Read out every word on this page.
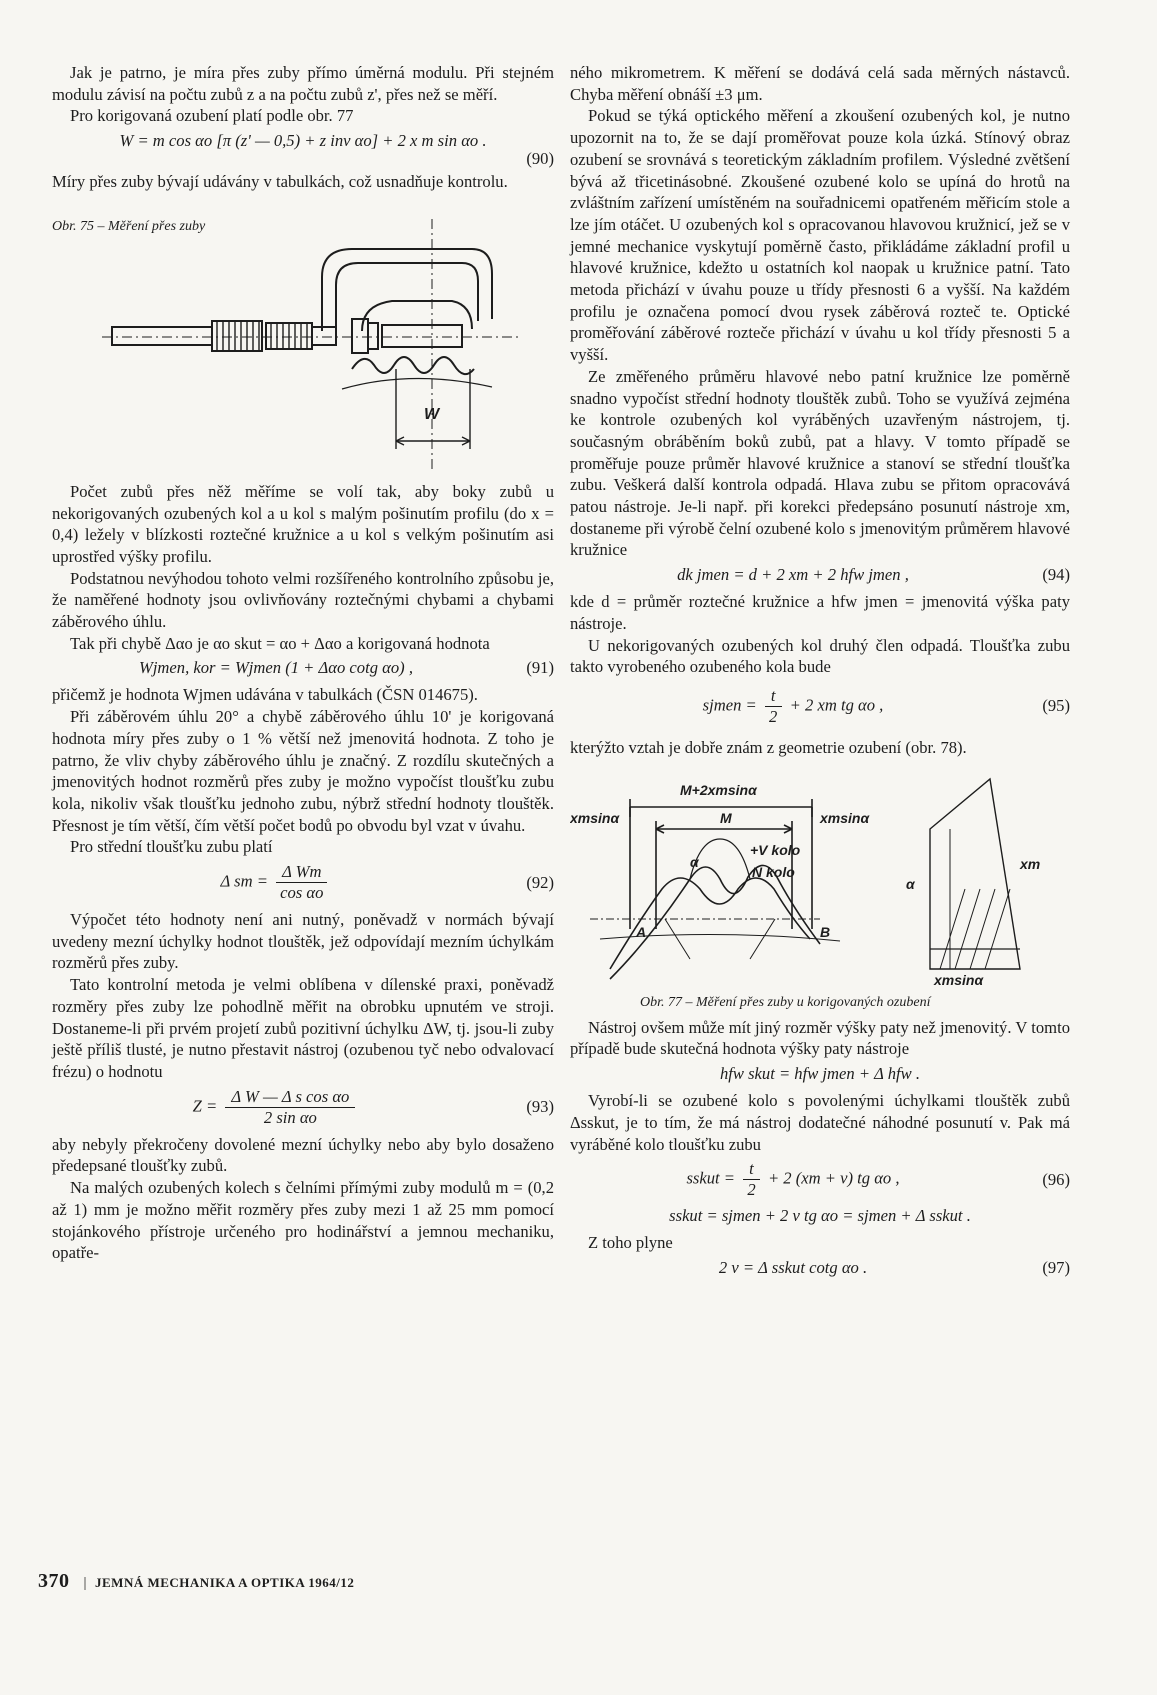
Jak je patrno, je míra přes zuby přímo úměrná modulu. Při stejném modulu závisí na počtu zubů z a na počtu zubů z', přes než se měří.

Pro korigovaná ozubení platí podle obr. 77

W = m cos αo [π (z' — 0,5) + z inv αo] + 2 x m sin αo .
(90)

Míry přes zuby bývají udávány v tabulkách, což usnadňuje kontrolu.

Obr. 75 – Měření přes zuby
W

Počet zubů přes něž měříme se volí tak, aby boky zubů u nekorigovaných ozubených kol a u kol s malým pošinutím profilu (do x = 0,4) ležely v blízkosti roztečné kružnice a u kol s velkým pošinutím asi uprostřed výšky profilu.

Podstatnou nevýhodou tohoto velmi rozšířeného kontrolního způsobu je, že naměřené hodnoty jsou ovlivňovány roztečnými chybami a chybami záběrového úhlu.

Tak při chybě Δαo je αo skut = αo + Δαo a korigovaná hodnota

Wjmen, kor = Wjmen (1 + Δαo cotg αo) ,	(91)

přičemž je hodnota Wjmen udávána v tabulkách (ČSN 014675).

Při záběrovém úhlu 20° a chybě záběrového úhlu 10' je korigovaná hodnota míry přes zuby o 1 % větší než jmenovitá hodnota. Z toho je patrno, že vliv chyby záběrového úhlu je značný. Z rozdílu skutečných a jmenovitých hodnot rozměrů přes zuby je možno vypočíst tloušťku zubu kola, nikoliv však tloušťku jednoho zubu, nýbrž střední hodnoty tlouštěk. Přesnost je tím větší, čím větší počet bodů po obvodu byl vzat v úvahu.

Pro střední tloušťku zubu platí

Δ sm = $\frac{\text{Δ Wm}}{\text{cos αo}}$	(92)

Výpočet této hodnoty není ani nutný, poněvadž v normách bývají uvedeny mezní úchylky hodnot tlouštěk, jež odpovídají mezním úchylkám rozměrů přes zuby.

Tato kontrolní metoda je velmi oblíbena v dílenské praxi, poněvadž rozměry přes zuby lze pohodlně měřit na obrobku upnutém ve stroji. Dostaneme-li při prvém projetí zubů pozitivní úchylku ΔW, tj. jsou-li zuby ještě příliš tlusté, je nutno přestavit nástroj (ozubenou tyč nebo odvalovací frézu) o hodnotu

$Z = \frac{\text{Δ W — Δ s cos αo}}{\text{2 sin αo}}$	(93)

aby nebyly překročeny dovolené mezní úchylky nebo aby bylo dosaženo předepsané tloušťky zubů.

Na malých ozubených kolech s čelními přímými zuby modulů m = (0,2 až 1) mm je možno měřit rozměry přes zuby mezi 1 až 25 mm pomocí stojánkového přístroje určeného pro hodinářství a jemnou mechaniku, opatře-

ného mikrometrem. K měření se dodává celá sada měrných nástavců. Chyba měření obnáší ±3 μm.

Pokud se týká optického měření a zkoušení ozubených kol, je nutno upozornit na to, že se dají proměřovat pouze kola úzká. Stínový obraz ozubení se srovnává s teoretickým základním profilem. Výsledné zvětšení bývá až třicetinásobné. Zkoušené ozubené kolo se upíná do hrotů na zvláštním zařízení umístěném na souřadnicemi opatřeném měřicím stole a lze jím otáčet. U ozubených kol s opracovanou hlavovou kružnicí, jež se v jemné mechanice vyskytují poměrně často, přikládáme základní profil u hlavové kružnice, kdežto u ostatních kol naopak u kružnice patní. Tato metoda přichází v úvahu pouze u třídy přesnosti 6 a vyšší. Na každém profilu je označena pomocí dvou rysek záběrová rozteč te. Optické proměřování záběrové rozteče přichází v úvahu u kol třídy přesnosti 5 a vyšší.

Ze změřeného průměru hlavové nebo patní kružnice lze poměrně snadno vypočíst střední hodnoty tlouštěk zubů. Toho se využívá zejména ke kontrole ozubených kol vyráběných uzavřeným nástrojem, tj. současným obráběním boků zubů, pat a hlavy. V tomto případě se proměřuje pouze průměr hlavové kružnice a stanoví se střední tloušťka zubu. Veškerá další kontrola odpadá. Hlava zubu se přitom opracovává patou nástroje. Je-li např. při korekci předepsáno posunutí nástroje xm, dostaneme při výrobě čelní ozubené kolo s jmenovitým průměrem hlavové kružnice

dk jmen = d + 2 xm + 2 hfw jmen ,	(94)

kde d = průměr roztečné kružnice a hfw jmen = jmenovitá výška paty nástroje.

U nekorigovaných ozubených kol druhý člen odpadá. Tloušťka zubu takto vyrobeného ozubeného kola bude

sjmen = $\frac{t}{2} + 2$ xm tg αo ,	(95)

kterýžto vztah je dobře znám z geometrie ozubení (obr. 78).

M+2xmsinα
M
xmsinα	xmsinα
α
+V kolo
N kolo
A	B
xm
α
xmsinα
Obr. 77 – Měření přes zuby u korigovaných ozubení

Nástroj ovšem může mít jiný rozměr výšky paty než jmenovitý. V tomto případě bude skutečná hodnota výšky paty nástroje

hfw skut = hfw jmen + Δ hfw .

Vyrobí-li se ozubené kolo s povolenými úchylkami tlouštěk zubů Δsskut, je to tím, že má nástroj dodatečné náhodné posunutí v. Pak má vyráběné kolo tloušťku zubu

sskut = $\frac{t}{2} + 2$ (xm + v) tg αo ,	(96)
sskut = sjmen + 2 v tg αo = sjmen + Δ sskut .

Z toho plyne

2 v = Δ sskut cotg αo .	(97)
370 | JEMNÁ MECHANIKA A OPTIKA 1964/12
